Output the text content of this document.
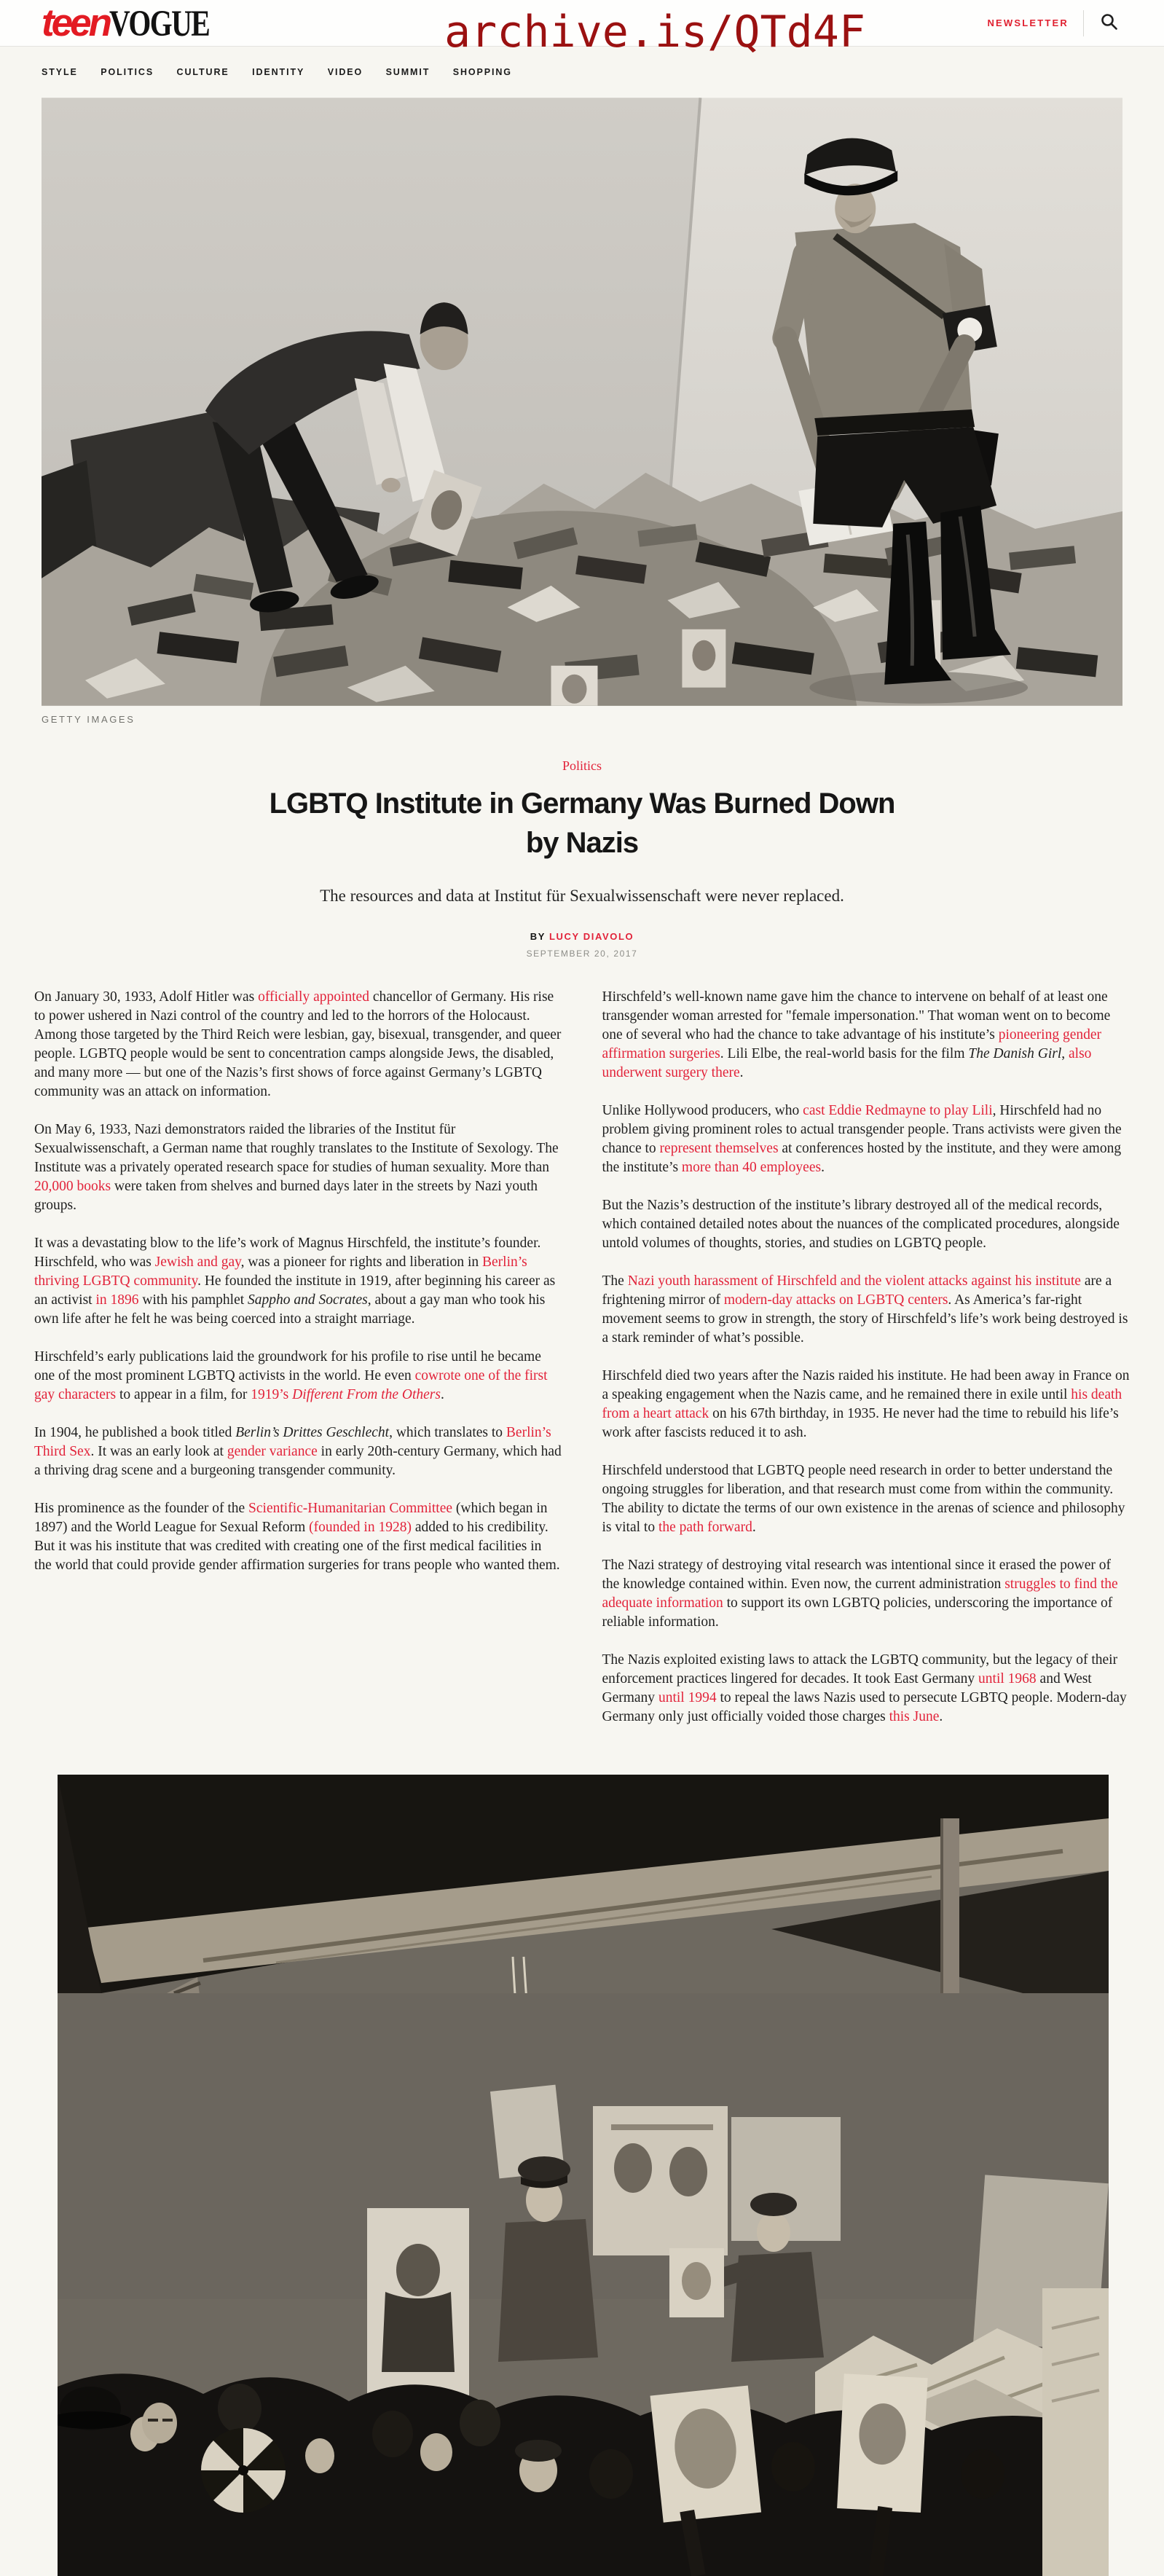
teen VOGUE	NEWSLETTER
archive.is/QTd4F
STYLE	POLITICS	CULTURE	IDENTITY	VIDEO	SUMMIT	SHOPPING
GETTY IMAGES
Politics
LGBTQ Institute in Germany Was Burned Down by Nazis
The resources and data at Institut für Sexualwissenschaft were never replaced.
BY LUCY DIAVOLO
SEPTEMBER 20, 2017

On January 30, 1933, Adolf Hitler was officially appointed chancellor of Germany. His rise to power ushered in Nazi control of the country and led to the horrors of the Holocaust. Among those targeted by the Third Reich were lesbian, gay, bisexual, transgender, and queer people. LGBTQ people would be sent to concentration camps alongside Jews, the disabled, and many more — but one of the Nazis’s first shows of force against Germany’s LGBTQ community was an attack on information.

On May 6, 1933, Nazi demonstrators raided the libraries of the Institut für Sexualwissenschaft, a German name that roughly translates to the Institute of Sexology. The Institute was a privately operated research space for studies of human sexuality. More than 20,000 books were taken from shelves and burned days later in the streets by Nazi youth groups.

It was a devastating blow to the life’s work of Magnus Hirschfeld, the institute’s founder. Hirschfeld, who was Jewish and gay, was a pioneer for rights and liberation in Berlin’s thriving LGBTQ community. He founded the institute in 1919, after beginning his career as an activist in 1896 with his pamphlet Sappho and Socrates, about a gay man who took his own life after he felt he was being coerced into a straight marriage.

Hirschfeld’s early publications laid the groundwork for his profile to rise until he became one of the most prominent LGBTQ activists in the world. He even cowrote one of the first gay characters to appear in a film, for 1919’s Different From the Others.

In 1904, he published a book titled Berlin’s Drittes Geschlecht, which translates to Berlin’s Third Sex. It was an early look at gender variance in early 20th-century Germany, which had a thriving drag scene and a burgeoning transgender community.

His prominence as the founder of the Scientific-Humanitarian Committee (which began in 1897) and the World League for Sexual Reform (founded in 1928) added to his credibility. But it was his institute that was credited with creating one of the first medical facilities in the world that could provide gender affirmation surgeries for trans people who wanted them.

Hirschfeld’s well-known name gave him the chance to intervene on behalf of at least one transgender woman arrested for "female impersonation." That woman went on to become one of several who had the chance to take advantage of his institute’s pioneering gender affirmation surgeries. Lili Elbe, the real-world basis for the film The Danish Girl, also underwent surgery there.

Unlike Hollywood producers, who cast Eddie Redmayne to play Lili, Hirschfeld had no problem giving prominent roles to actual transgender people. Trans activists were given the chance to represent themselves at conferences hosted by the institute, and they were among the institute’s more than 40 employees.

But the Nazis’s destruction of the institute’s library destroyed all of the medical records, which contained detailed notes about the nuances of the complicated procedures, alongside untold volumes of thoughts, stories, and studies on LGBTQ people.

The Nazi youth harassment of Hirschfeld and the violent attacks against his institute are a frightening mirror of modern-day attacks on LGBTQ centers. As America’s far-right movement seems to grow in strength, the story of Hirschfeld’s life’s work being destroyed is a stark reminder of what’s possible.

Hirschfeld died two years after the Nazis raided his institute. He had been away in France on a speaking engagement when the Nazis came, and he remained there in exile until his death from a heart attack on his 67th birthday, in 1935. He never had the time to rebuild his life’s work after fascists reduced it to ash.

Hirschfeld understood that LGBTQ people need research in order to better understand the ongoing struggles for liberation, and that research must come from within the community. The ability to dictate the terms of our own existence in the arenas of science and philosophy is vital to the path forward.

The Nazi strategy of destroying vital research was intentional since it erased the power of the knowledge contained within. Even now, the current administration struggles to find the adequate information to support its own LGBTQ policies, underscoring the importance of reliable information.

The Nazis exploited existing laws to attack the LGBTQ community, but the legacy of their enforcement practices lingered for decades. It took East Germany until 1968 and West Germany until 1994 to repeal the laws Nazis used to persecute LGBTQ people. Modern-day Germany only just officially voided those charges this June.
